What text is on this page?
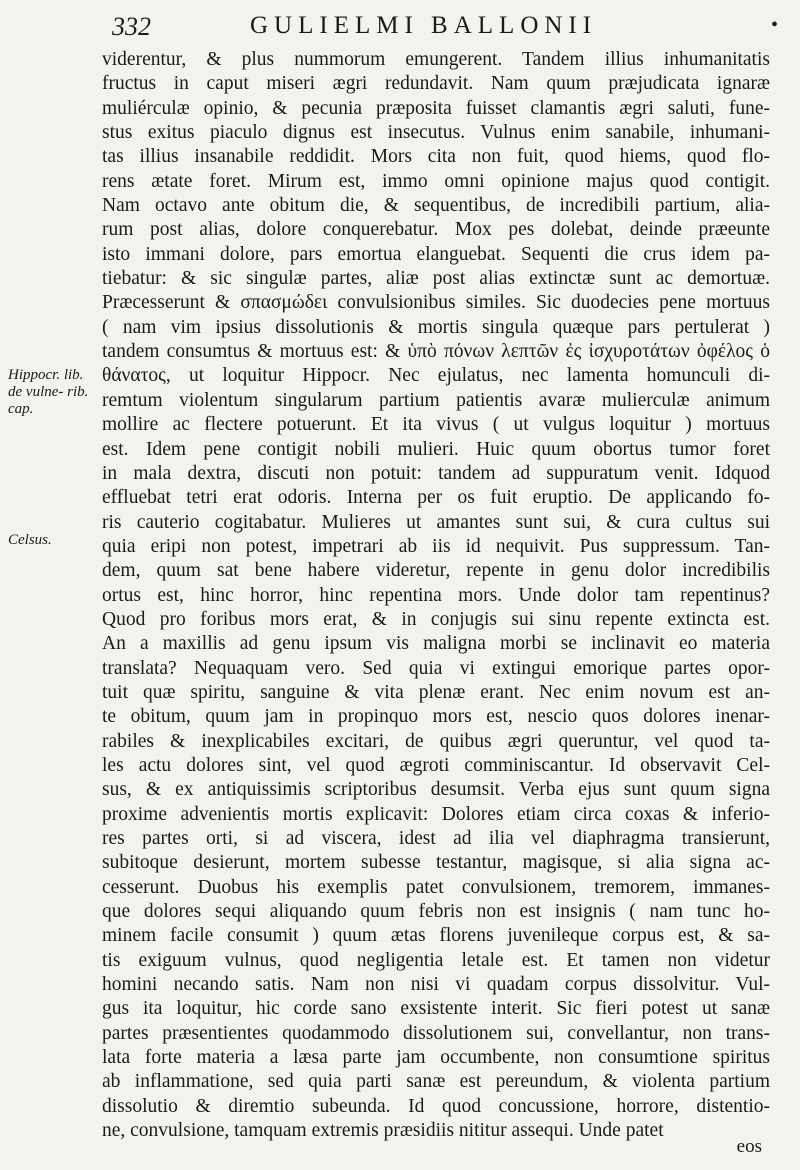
332	GULIELMI BALLONII	•
Hippocr. lib. de vulne- rib. cap.
Celsus.
viderentur, & plus nummorum emungerent. Tandem illius inhumanitatis
fructus in caput miseri ægri redundavit. Nam quum præjudicata ignaræ
muliérculæ opinio, & pecunia præposita fuisset clamantis ægri saluti, fune-
stus exitus piaculo dignus est insecutus. Vulnus enim sanabile, inhumani-
tas illius insanabile reddidit. Mors cita non fuit, quod hiems, quod flo-
rens ætate foret. Mirum est, immo omni opinione majus quod contigit.
Nam octavo ante obitum die, & sequentibus, de incredibili partium, alia-
rum post alias, dolore conquerebatur. Mox pes dolebat, deinde præeunte
isto immani dolore, pars emortua elanguebat. Sequenti die crus idem pa-
tiebatur: & sic singulæ partes, aliæ post alias extinctæ sunt ac demortuæ.
Præcesserunt & σπασμώδει convulsionibus similes. Sic duodecies pene mortuus
( nam vim ipsius dissolutionis & mortis singula quæque pars pertulerat )
tandem consumtus & mortuus est: & ὑπὸ πόνων λεπτῶν ἐς ἰσχυροτάτων ὀφέλος ὁ
θάνατος, ut loquitur Hippocr. Nec ejulatus, nec lamenta homunculi di-
remtum violentum singularum partium patientis avaræ mulierculæ animum
mollire ac flectere potuerunt. Et ita vivus ( ut vulgus loquitur ) mortuus
est. Idem pene contigit nobili mulieri. Huic quum obortus tumor foret
in mala dextra, discuti non potuit: tandem ad suppuratum venit. Idquod
effluebat tetri erat odoris. Interna per os fuit eruptio. De applicando fo-
ris cauterio cogitabatur. Mulieres ut amantes sunt sui, & cura cultus sui
quia eripi non potest, impetrari ab iis id nequivit. Pus suppressum. Tan-
dem, quum sat bene habere videretur, repente in genu dolor incredibilis
ortus est, hinc horror, hinc repentina mors. Unde dolor tam repentinus?
Quod pro foribus mors erat, & in conjugis sui sinu repente extincta est.
An a maxillis ad genu ipsum vis maligna morbi se inclinavit eo materia
translata? Nequaquam vero. Sed quia vi extingui emorique partes opor-
tuit quæ spiritu, sanguine & vita plenæ erant. Nec enim novum est an-
te obitum, quum jam in propinquo mors est, nescio quos dolores inenar-
rabiles & inexplicabiles excitari, de quibus ægri queruntur, vel quod ta-
les actu dolores sint, vel quod ægroti comminiscantur. Id observavit Cel-
sus, & ex antiquissimis scriptoribus desumsit. Verba ejus sunt quum signa
proxime advenientis mortis explicavit: Dolores etiam circa coxas & inferio-
res partes orti, si ad viscera, idest ad ilia vel diaphragma transierunt,
subitoque desierunt, mortem subesse testantur, magisque, si alia signa ac-
cesserunt. Duobus his exemplis patet convulsionem, tremorem, immanes-
que dolores sequi aliquando quum febris non est insignis ( nam tunc ho-
minem facile consumit ) quum ætas florens juvenileque corpus est, & sa-
tis exiguum vulnus, quod negligentia letale est. Et tamen non videtur
homini necando satis. Nam non nisi vi quadam corpus dissolvitur. Vul-
gus ita loquitur, hic corde sano exsistente interit. Sic fieri potest ut sanæ
partes præsentientes quodammodo dissolutionem sui, convellantur, non trans-
lata forte materia a læsa parte jam occumbente, non consumtione spiritus
ab inflammatione, sed quia parti sanæ est pereundum, & violenta partium
dissolutio & diremtio subeunda. Id quod concussione, horrore, distentio-
ne, convulsione, tamquam extremis præsidiis nititur assequi. Unde patet
eos
